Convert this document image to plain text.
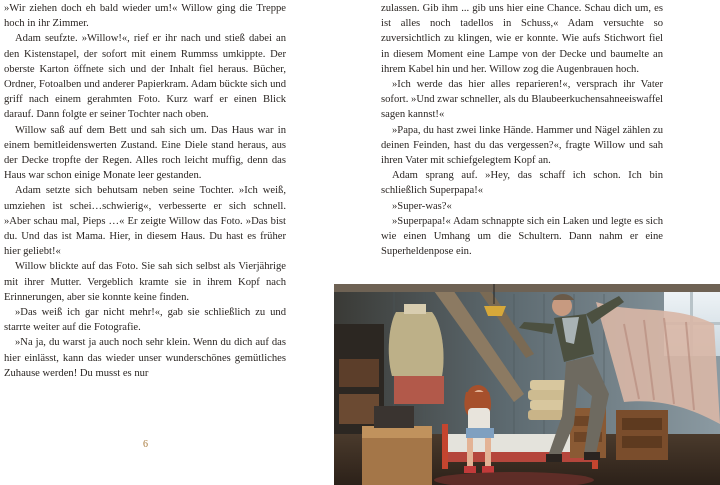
»Wir ziehen doch eh bald wieder um!« Willow ging die Treppe hoch in ihr Zimmer.

Adam seufzte. »Willow!«, rief er ihr nach und stieß dabei an den Kistenstapel, der sofort mit einem Rummss umkippte. Der oberste Karton öffnete sich und der Inhalt fiel heraus. Bücher, Ordner, Fotoalben und anderer Papierkram. Adam bückte sich und griff nach einem gerahmten Foto. Kurz warf er einen Blick darauf. Dann folgte er seiner Tochter nach oben.

Willow saß auf dem Bett und sah sich um. Das Haus war in einem bemitleidenswerten Zustand. Eine Diele stand heraus, aus der Decke tropfte der Regen. Alles roch leicht muffig, denn das Haus war schon einige Monate leer gestanden.

Adam setzte sich behutsam neben seine Tochter. »Ich weiß, umziehen ist schei…schwierig«, verbesserte er sich schnell. »Aber schau mal, Pieps …« Er zeigte Willow das Foto. »Das bist du. Und das ist Mama. Hier, in diesem Haus. Du hast es früher hier geliebt!«

Willow blickte auf das Foto. Sie sah sich selbst als Vierjährige mit ihrer Mutter. Vergeblich kramte sie in ihrem Kopf nach Erinnerungen, aber sie konnte keine finden.

»Das weiß ich gar nicht mehr!«, gab sie schließlich zu und starrte weiter auf die Fotografie.

»Na ja, du warst ja auch noch sehr klein. Wenn du dich auf das hier einlässt, kann das wieder unser wunderschönes gemütliches Zuhause werden! Du musst es nur

6

zulassen. Gib ihm ... gib uns hier eine Chance. Schau dich um, es ist alles noch tadellos in Schuss,« Adam versuchte so zuversichtlich zu klingen, wie er konnte. Wie aufs Stichwort fiel in diesem Moment eine Lampe von der Decke und baumelte an ihrem Kabel hin und her. Willow zog die Augenbrauen hoch.

»Ich werde das hier alles reparieren!«, versprach ihr Vater sofort. »Und zwar schneller, als du Blaubeerkuchensahneeiswaffel sagen kannst!«

»Papa, du hast zwei linke Hände. Hammer und Nägel zählen zu deinen Feinden, hast du das vergessen?«, fragte Willow und sah ihren Vater mit schiefgelegtem Kopf an.

Adam sprang auf. »Hey, das schaff ich schon. Ich bin schließlich Superpapa!«

»Super-was?«

»Superpapa!« Adam schnappte sich ein Laken und legte es sich wie einen Umhang um die Schultern. Dann nahm er eine Superheldenpose ein.
